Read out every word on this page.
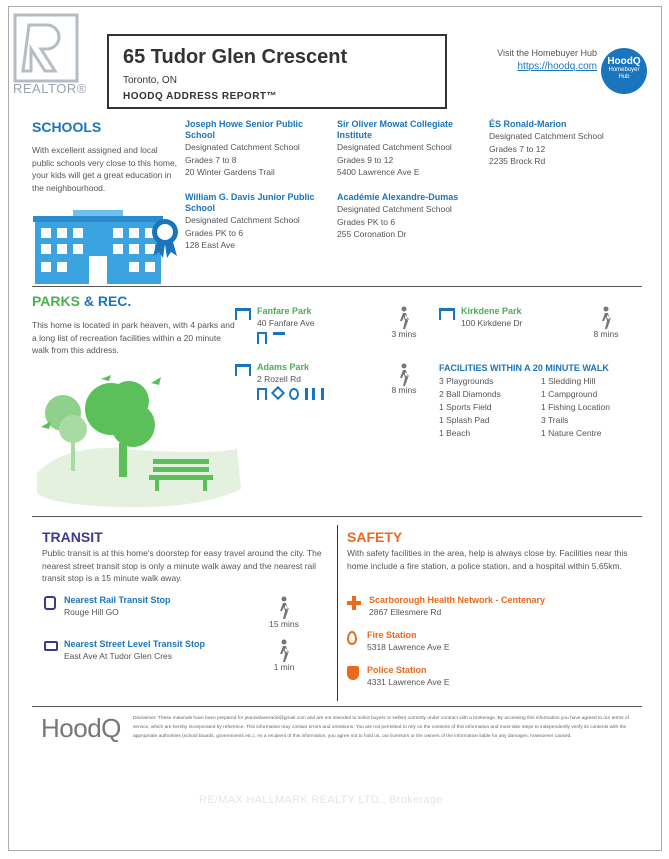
REALTOR®
65 Tudor Glen Crescent
Toronto, ON
HOODQ ADDRESS REPORT™
Visit the Homebuyer Hub
https://hoodq.com	HoodQ
Homebuyer
Hub
SCHOOLS
With excellent assigned and local public schools very close to this home, your kids will get a great education in the neighbourhood.
Joseph Howe Senior Public School
Designated Catchment School
Grades 7 to 8
20 Winter Gardens Trail
William G. Davis Junior Public School
Designated Catchment School
Grades PK to 6
128 East Ave
Sir Oliver Mowat Collegiate Institute
Designated Catchment School
Grades 9 to 12
5400 Lawrence Ave E
Académie Alexandre-Dumas
Designated Catchment School
Grades PK to 6
255 Coronation Dr
ÉS Ronald-Marion
Designated Catchment School
Grades 7 to 12
2235 Brock Rd
PARKS & REC.
This home is located in park heaven, with 4 parks and a long list of recreation facilities within a 20 minute walk from this address.
Fanfare Park
40 Fanfare Ave
3 mins
Kirkdene Park
100 Kirkdene Dr
8 mins
Adams Park
2 Rozell Rd
8 mins
FACILITIES WITHIN A 20 MINUTE WALK
3 Playgrounds
2 Ball Diamonds
1 Sports Field
1 Splash Pad
1 Beach
1 Sledding Hill
1 Campground
1 Fishing Location
3 Trails
1 Nature Centre
TRANSIT
Public transit is at this home's doorstep for easy travel around the city. The nearest street transit stop is only a minute walk away and the nearest rail transit stop is a 15 minute walk away.
Nearest Rail Transit Stop
Rouge Hill GO
15 mins
Nearest Street Level Transit Stop
East Ave At Tudor Glen Cres
1 min
SAFETY
With safety facilities in the area, help is always close by. Facilities near this home include a fire station, a police station, and a hospital within 5.65km.
Scarborough Health Network - Centenary
2867 Ellesmere Rd
Fire Station
5318 Lawrence Ave E
Police Station
4331 Lawrence Ave E
HoodQ	Disclaimer: These materials have been prepared for jeannielaveracki@gmail.com and are not intended to solicit buyers or sellers currently under contract with a brokerage. By accessing this information you have agreed to our terms of service, which are hereby incorporated by reference. This information may contain errors and omissions. You are not permitted to rely on the contents of this information and must take steps to independently verify its contents with the appropriate authorities (school boards, governments etc.). As a recipient of this information, you agree not to hold us, our licensors or the owners of the information liable for any damages, howsoever caused.
RE/MAX HALLMARK REALTY LTD., Brokerage
